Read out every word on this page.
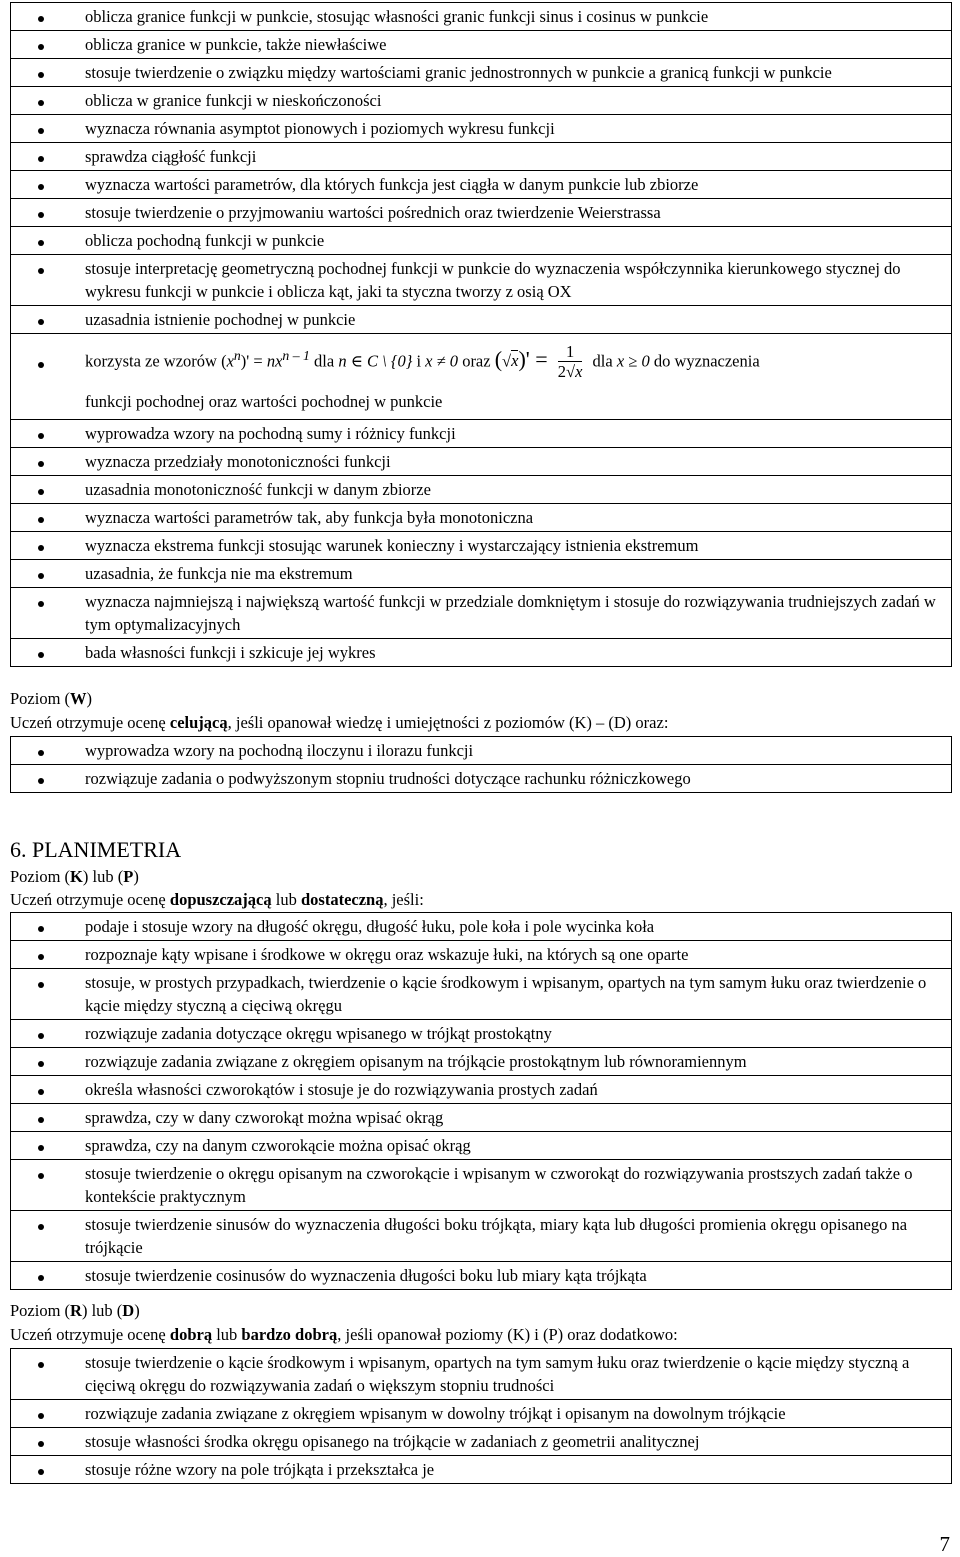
	oblicza granice funkcji w punkcie, stosując własności granic funkcji sinus i cosinus w punkcie
	oblicza granice w punkcie, także niewłaściwe
	stosuje twierdzenie o związku między wartościami granic jednostronnych w punkcie a granicą funkcji w punkcie
	oblicza w granice funkcji w nieskończoności
	wyznacza równania asymptot pionowych i poziomych wykresu funkcji
	sprawdza ciągłość funkcji
	wyznacza wartości parametrów, dla których funkcja jest ciągła w danym punkcie lub zbiorze
	stosuje twierdzenie o przyjmowaniu wartości pośrednich oraz twierdzenie Weierstrassa
	oblicza pochodną funkcji w punkcie
	stosuje interpretację geometryczną pochodnej funkcji w punkcie do wyznaczenia współczynnika kierunkowego stycznej do wykresu funkcji w punkcie i oblicza kąt, jaki ta styczna tworzy z osią OX
	uzasadnia istnienie pochodnej w punkcie

	korzysta ze wzorów $(x^n)' = nx^{n - 1}$ dla n ∈ C \ {0} i x ≠ 0 oraz $(√x)' = \frac{1}{2√x}$ dla x ≥ 0 do wyznaczenia
funkcji pochodnej oraz wartości pochodnej w punkcie

	wyprowadza wzory na pochodną sumy i różnicy funkcji
	wyznacza przedziały monotoniczności funkcji
	uzasadnia monotoniczność funkcji w danym zbiorze
	wyznacza wartości parametrów tak, aby funkcja była monotoniczna
	wyznacza ekstrema funkcji stosując warunek konieczny i wystarczający istnienia ekstremum
	uzasadnia, że funkcja nie ma ekstremum
	wyznacza najmniejszą i największą wartość funkcji w przedziale domkniętym i stosuje do rozwiązywania trudniejszych zadań w tym optymalizacyjnych
	bada własności funkcji i szkicuje jej wykres
Poziom (W)
Uczeń otrzymuje ocenę celującą, jeśli opanował wiedzę i umiejętności z poziomów (K) – (D) oraz:
	wyprowadza wzory na pochodną iloczynu i ilorazu funkcji
	rozwiązuje zadania o podwyższonym stopniu trudności dotyczące rachunku różniczkowego
6. PLANIMETRIA
Poziom (K) lub (P)
Uczeń otrzymuje ocenę dopuszczającą lub dostateczną, jeśli:
	podaje i stosuje wzory na długość okręgu, długość łuku, pole koła i pole wycinka koła
	rozpoznaje kąty wpisane i środkowe w okręgu oraz wskazuje łuki, na których są one oparte
	stosuje, w prostych przypadkach, twierdzenie o kącie środkowym i wpisanym, opartych na tym samym łuku oraz twierdzenie o kącie między styczną a cięciwą okręgu
	rozwiązuje zadania dotyczące okręgu wpisanego w trójkąt prostokątny
	rozwiązuje zadania związane z okręgiem opisanym na trójkącie prostokątnym lub równoramiennym
	określa własności czworokątów i stosuje je do rozwiązywania prostych zadań
	sprawdza, czy w dany czworokąt można wpisać okrąg
	sprawdza, czy na danym czworokącie można opisać okrąg
	stosuje twierdzenie o okręgu opisanym na czworokącie i wpisanym w czworokąt do rozwiązywania prostszych zadań także o kontekście praktycznym
	stosuje twierdzenie sinusów do wyznaczenia długości boku trójkąta, miary kąta lub długości promienia okręgu opisanego na trójkącie
	stosuje twierdzenie cosinusów do wyznaczenia długości boku lub miary kąta trójkąta
Poziom (R) lub (D)
Uczeń otrzymuje ocenę dobrą lub bardzo dobrą, jeśli opanował poziomy (K) i (P) oraz dodatkowo:
	stosuje twierdzenie o kącie środkowym i wpisanym, opartych na tym samym łuku oraz twierdzenie o kącie między styczną a cięciwą okręgu do rozwiązywania zadań o większym stopniu trudności
	rozwiązuje zadania związane z okręgiem wpisanym w dowolny trójkąt i opisanym na dowolnym trójkącie
	stosuje własności środka okręgu opisanego na trójkącie w zadaniach z geometrii analitycznej
	stosuje różne wzory na pole trójkąta i przekształca je
7
